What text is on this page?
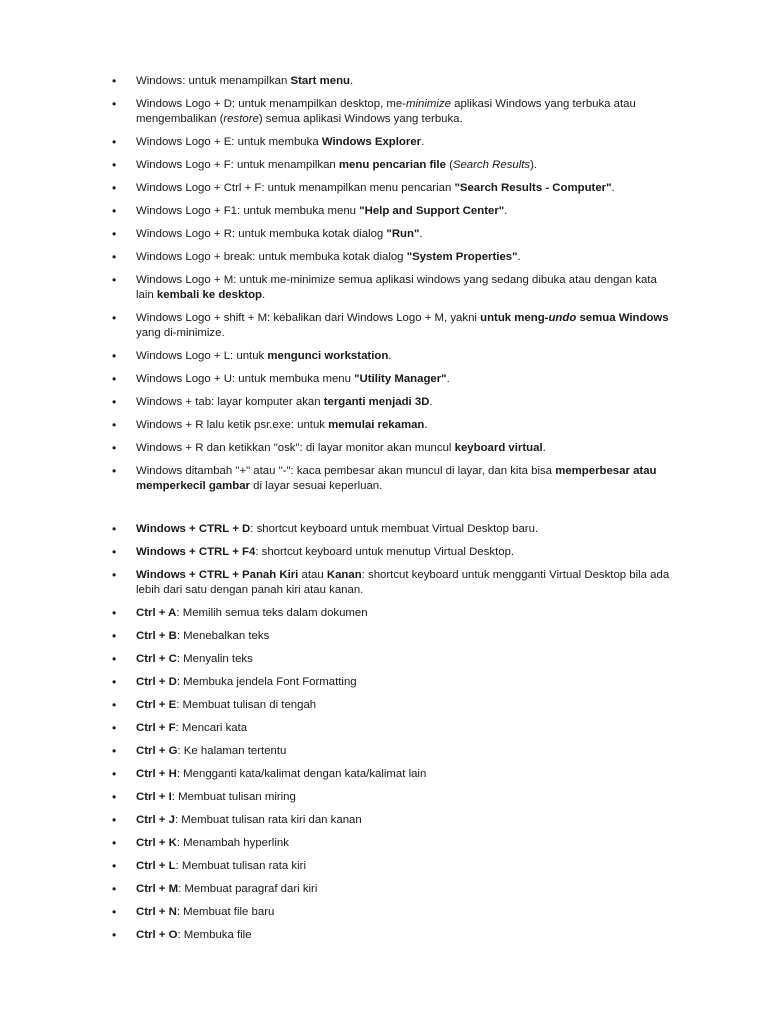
• Windows: untuk menampilkan Start menu.
• Windows Logo + D: untuk menampilkan desktop, me-minimize aplikasi Windows yang terbuka atau mengembalikan (restore) semua aplikasi Windows yang terbuka.
• Windows Logo + E: untuk membuka Windows Explorer.
• Windows Logo + F: untuk menampilkan menu pencarian file (Search Results).
• Windows Logo + Ctrl + F: untuk menampilkan menu pencarian "Search Results - Computer".
• Windows Logo + F1: untuk membuka menu "Help and Support Center".
• Windows Logo + R: untuk membuka kotak dialog "Run".
• Windows Logo + break: untuk membuka kotak dialog "System Properties".
• Windows Logo + M: untuk me-minimize semua aplikasi windows yang sedang dibuka atau dengan kata lain kembali ke desktop.
• Windows Logo + shift + M: kebalikan dari Windows Logo + M, yakni untuk meng-undo semua Windows yang di-minimize.
• Windows Logo + L: untuk mengunci workstation.
• Windows Logo + U: untuk membuka menu "Utility Manager".
• Windows + tab: layar komputer akan terganti menjadi 3D.
• Windows + R lalu ketik psr.exe: untuk memulai rekaman.
• Windows + R dan ketikkan "osk": di layar monitor akan muncul keyboard virtual.
• Windows ditambah "+" atau "-": kaca pembesar akan muncul di layar, dan kita bisa memperbesar atau memperkecil gambar di layar sesuai keperluan.
• Windows + CTRL + D: shortcut keyboard untuk membuat Virtual Desktop baru.
• Windows + CTRL + F4: shortcut keyboard untuk menutup Virtual Desktop.
• Windows + CTRL + Panah Kiri atau Kanan: shortcut keyboard untuk mengganti Virtual Desktop bila ada lebih dari satu dengan panah kiri atau kanan.
• Ctrl + A: Memilih semua teks dalam dokumen
• Ctrl + B: Menebalkan teks
• Ctrl + C: Menyalin teks
• Ctrl + D: Membuka jendela Font Formatting
• Ctrl + E: Membuat tulisan di tengah
• Ctrl + F: Mencari kata
• Ctrl + G: Ke halaman tertentu
• Ctrl + H: Mengganti kata/kalimat dengan kata/kalimat lain
• Ctrl + I: Membuat tulisan miring
• Ctrl + J: Membuat tulisan rata kiri dan kanan
• Ctrl + K: Menambah hyperlink
• Ctrl + L: Membuat tulisan rata kiri
• Ctrl + M: Membuat paragraf dari kiri
• Ctrl + N: Membuat file baru
• Ctrl + O: Membuka file
